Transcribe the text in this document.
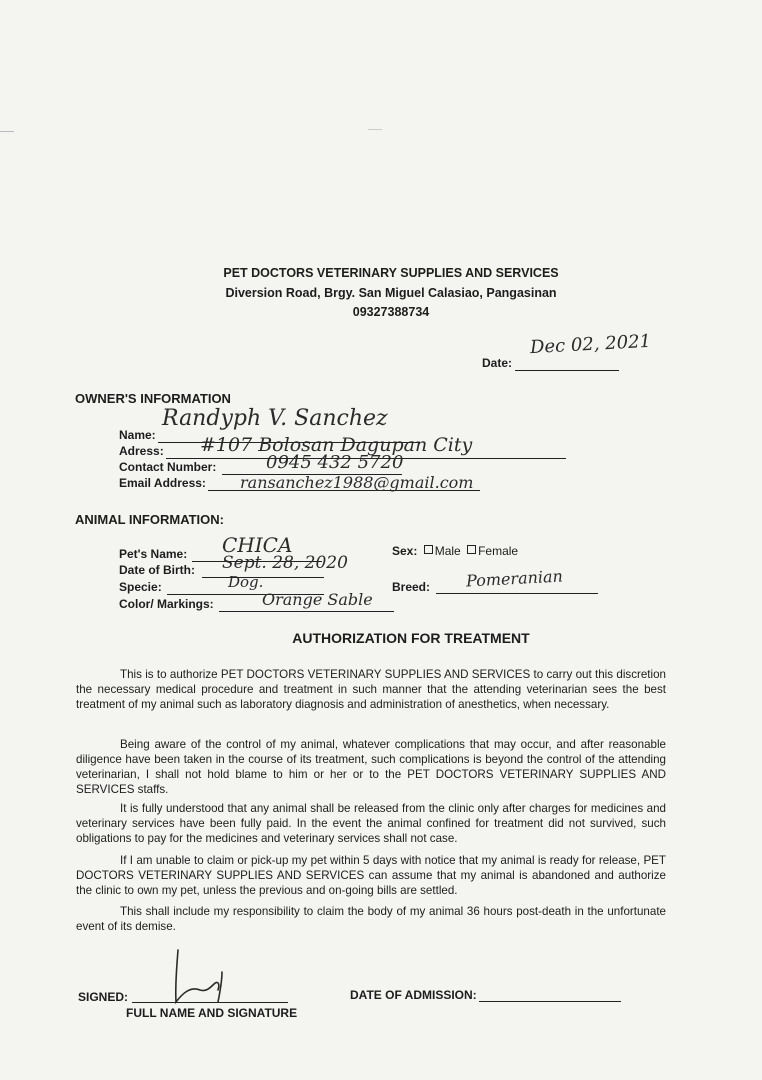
PET DOCTORS VETERINARY SUPPLIES AND SERVICES
Diversion Road, Brgy. San Miguel Calasiao, Pangasinan
09327388734
Date:
Dec 02, 2021
OWNER'S INFORMATION
Name:
Randyph V. Sanchez
Adress: #107 Bolosan Dagupan City
Contact Number:	0945 432 5720
Email Address: ransanchez1988@gmail.com
ANIMAL INFORMATION:
Pet's Name: CHICA
Date of Birth: Sept. 28, 2020
Specie:	Dog.
Color/ Markings:	Orange Sable
Sex: Male Female
Breed: Pomeranian
AUTHORIZATION FOR TREATMENT
This is to authorize PET DOCTORS VETERINARY SUPPLIES AND SERVICES to carry out this discretion the necessary medical procedure and treatment in such manner that the attending veterinarian sees the best treatment of my animal such as laboratory diagnosis and administration of anesthetics, when necessary.
Being aware of the control of my animal, whatever complications that may occur, and after reasonable diligence have been taken in the course of its treatment, such complications is beyond the control of the attending veterinarian, I shall not hold blame to him or her or to the PET DOCTORS VETERINARY SUPPLIES AND SERVICES staffs.
It is fully understood that any animal shall be released from the clinic only after charges for medicines and veterinary services have been fully paid. In the event the animal confined for treatment did not survived, such obligations to pay for the medicines and veterinary services shall not case.
If I am unable to claim or pick-up my pet within 5 days with notice that my animal is ready for release, PET DOCTORS VETERINARY SUPPLIES AND SERVICES can assume that my animal is abandoned and authorize the clinic to own my pet, unless the previous and on-going bills are settled.
This shall include my responsibility to claim the body of my animal 36 hours post-death in the unfortunate event of its demise.
SIGNED:
FULL NAME AND SIGNATURE
DATE OF ADMISSION:
